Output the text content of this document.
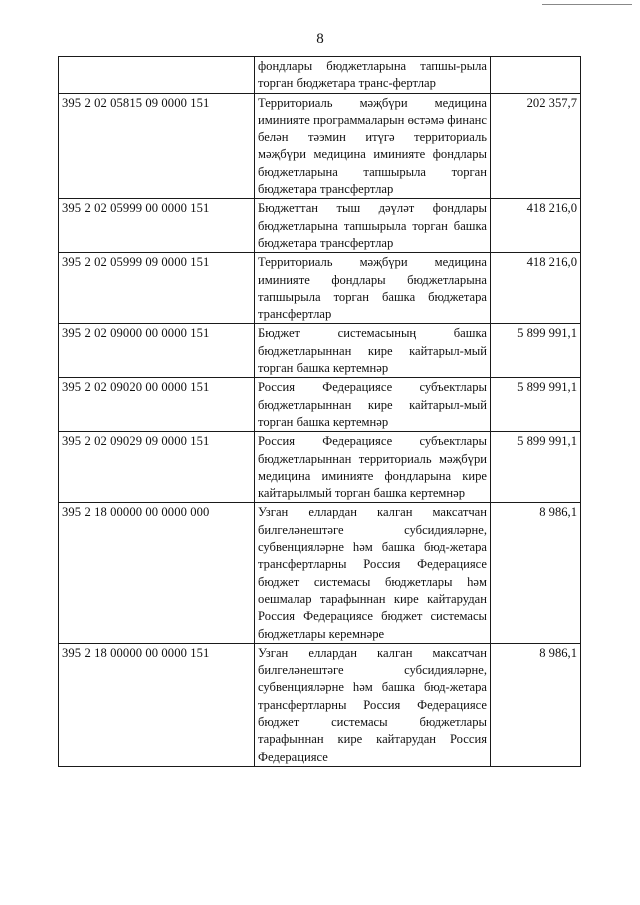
8
	фондлары бюджетларына тапшы-рыла торган бюджетара транс-фертлар	
395 2 02 05815 09 0000 151	Территориаль мәҗбүри медицина иминияте программаларын өстәмә финанс белән тәэмин итүгә территориаль мәҗбүри медицина иминияте фондлары бюджетларына тапшырыла торган бюджетара трансфертлар	202 357,7
395 2 02 05999 00 0000 151	Бюджеттан тыш дәүләт фондлары бюджетларына тапшырыла торган башка бюджетара трансфертлар	418 216,0
395 2 02 05999 09 0000 151	Территориаль мәҗбүри медицина иминияте фондлары бюджетларына тапшырыла торган башка бюджетара трансфертлар	418 216,0
395 2 02 09000 00 0000 151	Бюджет системасының башка бюджетларыннан кире кайтарыл-мый торган башка кертемнәр	5 899 991,1
395 2 02 09020 00 0000 151	Россия Федерациясе субъектлары бюджетларыннан кире кайтарыл-мый торган башка кертемнәр	5 899 991,1
395 2 02 09029 09 0000 151	Россия Федерациясе субъектлары бюджетларыннан территориаль мәҗбүри медицина иминияте фондларына кире кайтарылмый торган башка кертемнәр	5 899 991,1
395 2 18 00000 00 0000 000	Узган еллардан калган максатчан билгеләнештәге субсидияләрне, субвенцияләрне һәм башка бюд-жетара трансфертларны Россия Федерациясе бюджет системасы бюджетлары һәм оешмалар тарафыннан кире кайтарудан Россия Федерациясе бюджет системасы бюджетлары керемнәре	8 986,1
395 2 18 00000 00 0000 151	Узган еллардан калган максатчан билгеләнештәге субсидияләрне, субвенцияләрне һәм башка бюд-жетара трансфертларны Россия Федерациясе бюджет системасы бюджетлары тарафыннан кире кайтарудан Россия Федерациясе	8 986,1
